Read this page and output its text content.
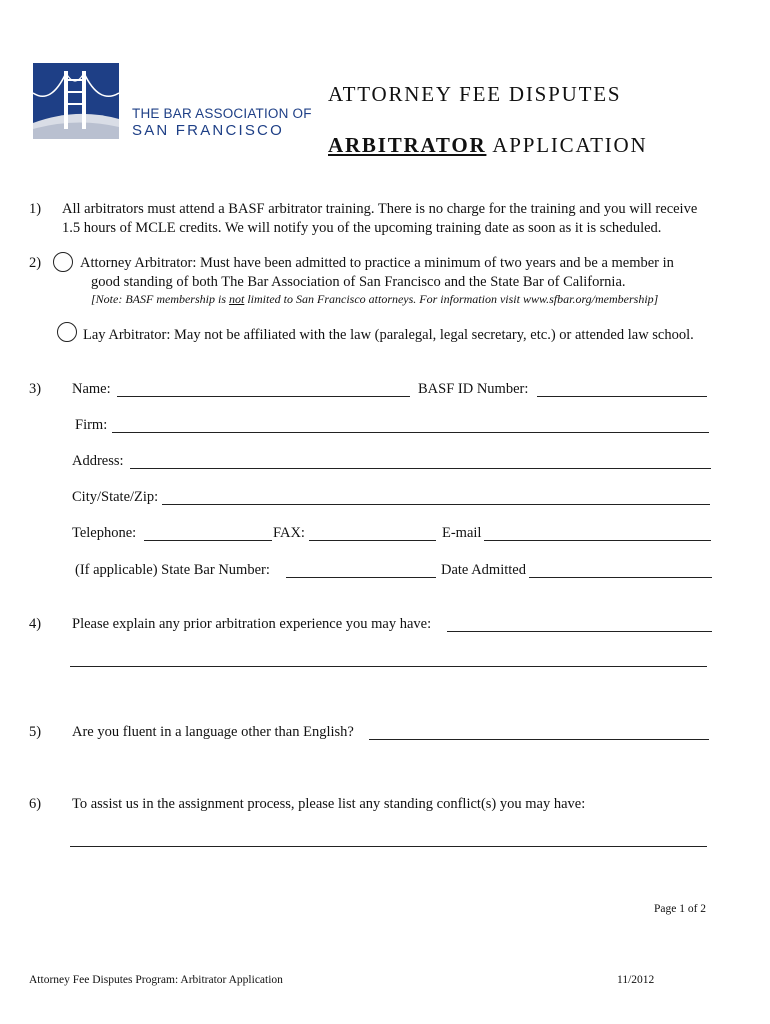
THE BAR ASSOCIATION OF
SAN FRANCISCO
ATTORNEY FEE DISPUTES
ARBITRATOR APPLICATION
1) All arbitrators must attend a BASF arbitrator training. There is no charge for the training and you will receive
1.5 hours of MCLE credits. We will notify you of the upcoming training date as soon as it is scheduled.
2)	Attorney Arbitrator: Must have been admitted to practice a minimum of two years and be a member in
good standing of both The Bar Association of San Francisco and the State Bar of California.
[Note: BASF membership is not limited to San Francisco attorneys. For information visit www.sfbar.org/membership]
Lay Arbitrator: May not be affiliated with the law (paralegal, legal secretary, etc.) or attended law school.
3) Name:	BASF ID Number:
Firm:
Address:
City/State/Zip:
Telephone:	FAX:	E-mail
(If applicable) State Bar Number:	Date Admitted
4) Please explain any prior arbitration experience you may have:
5) Are you fluent in a language other than English?
6) To assist us in the assignment process, please list any standing conflict(s) you may have:
Page 1 of 2
Attorney Fee Disputes Program: Arbitrator Application	11/2012
